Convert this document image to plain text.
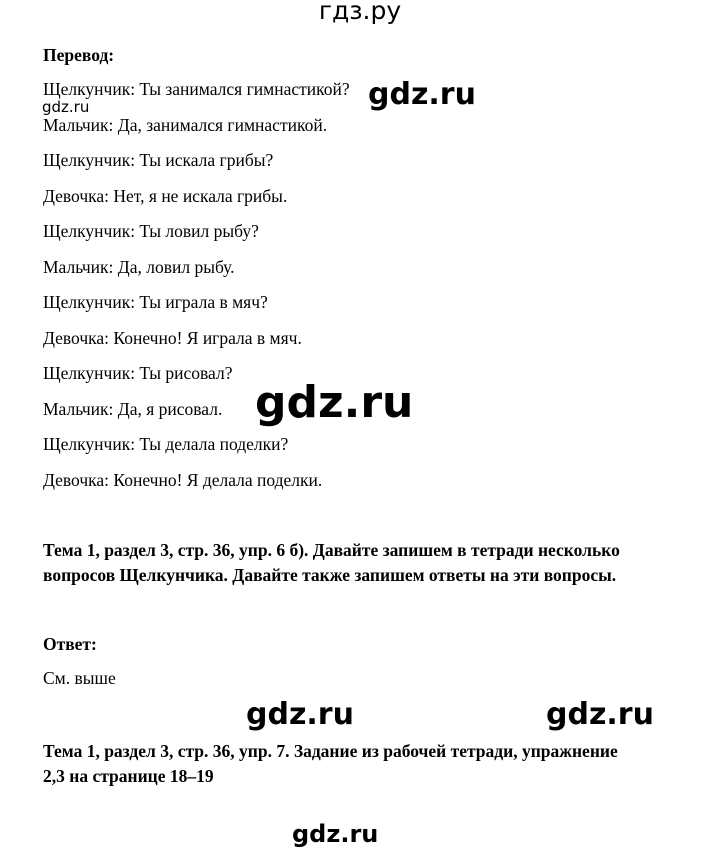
гдз.ру
Перевод:
Щелкунчик: Ты занимался гимнастикой?
Мальчик: Да, занимался гимнастикой.
Щелкунчик: Ты искала грибы?
Девочка: Нет, я не искала грибы.
Щелкунчик: Ты ловил рыбу?
Мальчик: Да, ловил рыбу.
Щелкунчик: Ты играла в мяч?
Девочка: Конечно! Я играла в мяч.
Щелкунчик: Ты рисовал?
Мальчик: Да, я рисовал.
Щелкунчик: Ты делала поделки?
Девочка: Конечно! Я делала поделки.
Тема 1, раздел 3, стр. 36, упр. 6 б). Давайте запишем в тетради несколько
вопросов Щелкунчика. Давайте также запишем ответы на эти вопросы.
Ответ:
См. выше
Тема 1, раздел 3, стр. 36, упр. 7. Задание из рабочей тетради, упражнение
2,3 на странице 18–19
gdz.ru	gdz.ru
gdz.ru
gdz.ru	gdz.ru
gdz.ru
